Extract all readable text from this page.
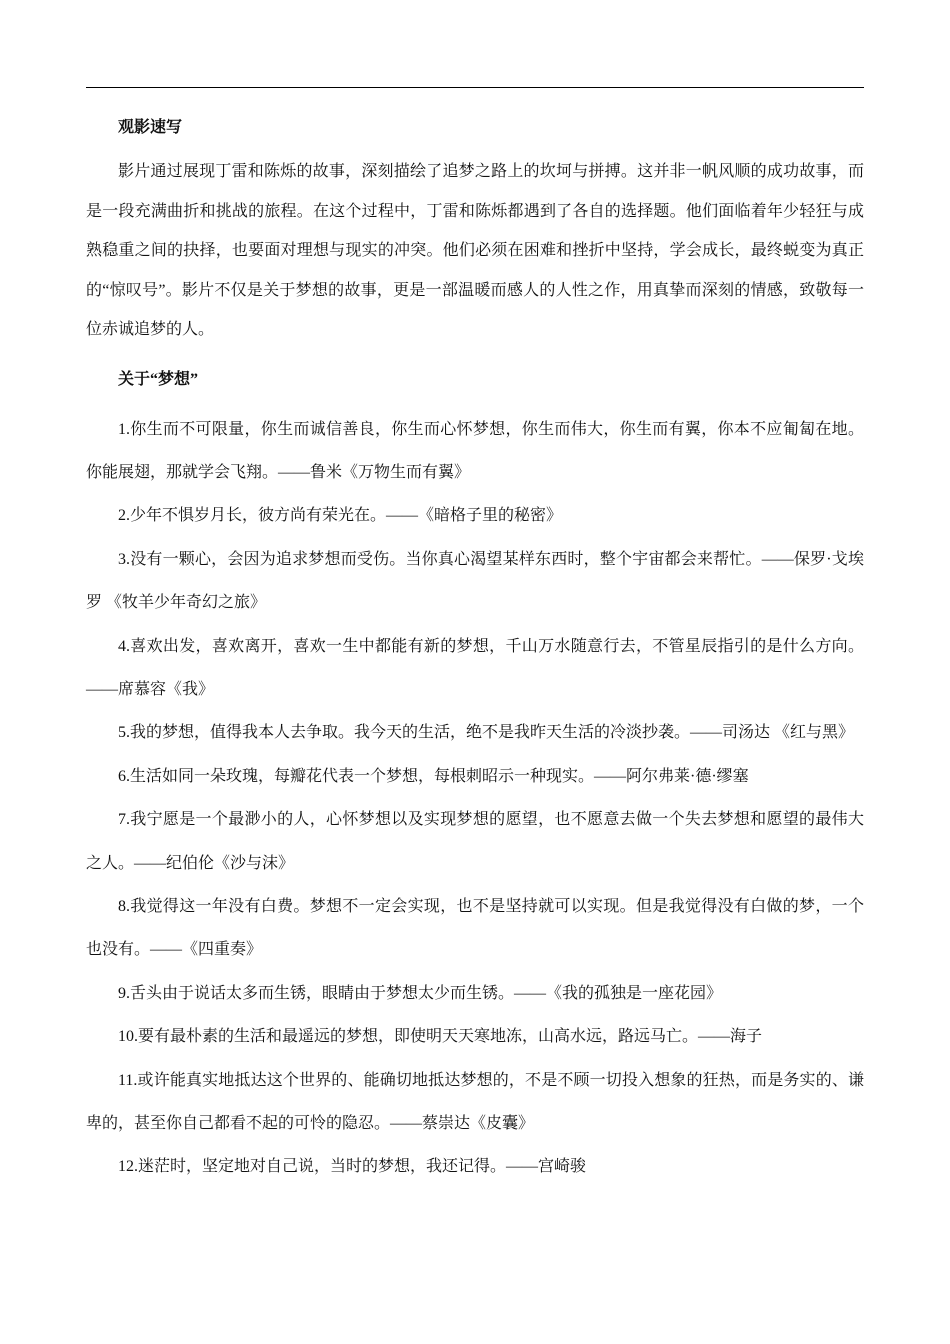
观影速写

影片通过展现丁雷和陈烁的故事，深刻描绘了追梦之路上的坎坷与拼搏。这并非一帆风顺的成功故事，而是一段充满曲折和挑战的旅程。在这个过程中，丁雷和陈烁都遇到了各自的选择题。他们面临着年少轻狂与成熟稳重之间的抉择，也要面对理想与现实的冲突。他们必须在困难和挫折中坚持，学会成长，最终蜕变为真正的“惊叹号”。影片不仅是关于梦想的故事，更是一部温暖而感人的人性之作，用真挚而深刻的情感，致敬每一位赤诚追梦的人。

关于“梦想”

1.你生而不可限量，你生而诚信善良，你生而心怀梦想，你生而伟大，你生而有翼，你本不应匍匐在地。你能展翅，那就学会飞翔。——鲁米《万物生而有翼》

2.少年不惧岁月长，彼方尚有荣光在。——《暗格子里的秘密》

3.没有一颗心，会因为追求梦想而受伤。当你真心渴望某样东西时，整个宇宙都会来帮忙。——保罗·戈埃罗 《牧羊少年奇幻之旅》

4.喜欢出发，喜欢离开，喜欢一生中都能有新的梦想，千山万水随意行去，不管星辰指引的是什么方向。——席慕容《我》

5.我的梦想，值得我本人去争取。我今天的生活，绝不是我昨天生活的冷淡抄袭。——司汤达 《红与黑》

6.生活如同一朵玫瑰，每瓣花代表一个梦想，每根刺昭示一种现实。——阿尔弗莱·德·缪塞

7.我宁愿是一个最渺小的人，心怀梦想以及实现梦想的愿望，也不愿意去做一个失去梦想和愿望的最伟大之人。——纪伯伦《沙与沫》

8.我觉得这一年没有白费。梦想不一定会实现，也不是坚持就可以实现。但是我觉得没有白做的梦，一个也没有。——《四重奏》

9.舌头由于说话太多而生锈，眼睛由于梦想太少而生锈。——《我的孤独是一座花园》

10.要有最朴素的生活和最遥远的梦想，即使明天天寒地冻，山高水远，路远马亡。——海子

11.或许能真实地抵达这个世界的、能确切地抵达梦想的，不是不顾一切投入想象的狂热，而是务实的、谦卑的，甚至你自己都看不起的可怜的隐忍。——蔡崇达《皮囊》

12.迷茫时，坚定地对自己说，当时的梦想，我还记得。——宫崎骏
